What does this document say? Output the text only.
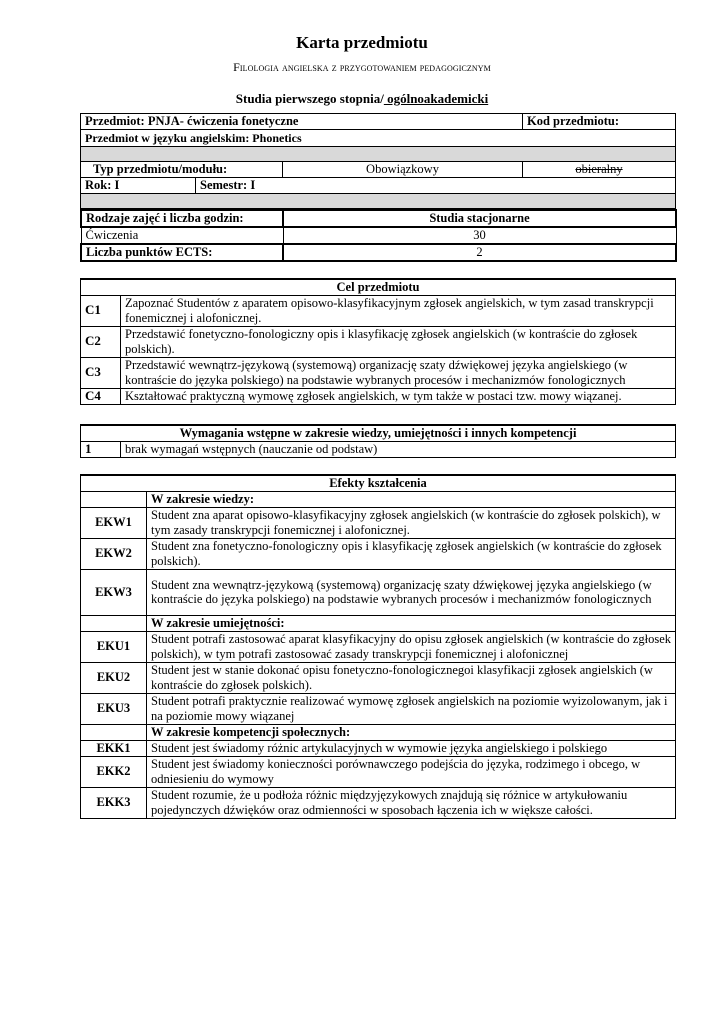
Karta przedmiotu
Filologia angielska z przygotowaniem pedagogicznym
Studia pierwszego stopnia/ ogólnoakademicki
Przedmiot: PNJA- ćwiczenia fonetyczne			Kod przedmiotu:
Przedmiot w języku angielskim: Phonetics			

Typ przedmiotu/modułu:		Obowiązkowy	obieralny
Rok: I	Semestr: I		

Rodzaje zajęć i liczba godzin:	Studia stacjonarne
Ćwiczenia	30
Liczba punktów ECTS:	2
Cel przedmiotu	
C1	Zapoznać Studentów z aparatem opisowo-klasyfikacyjnym zgłosek angielskich, w tym zasad transkrypcji fonemicznej i alofonicznej.
C2	Przedstawić fonetyczno-fonologiczny opis i klasyfikację zgłosek angielskich (w kontraście do zgłosek polskich).
C3	Przedstawić wewnątrz-językową (systemową) organizację szaty dźwiękowej języka angielskiego (w kontraście do języka polskiego) na podstawie wybranych procesów i mechanizmów fonologicznych
C4	Kształtować praktyczną wymowę zgłosek angielskich, w tym także w postaci tzw. mowy wiązanej.
Wymagania wstępne w zakresie wiedzy, umiejętności i innych kompetencji
1	brak wymagań wstępnych (nauczanie od podstaw)
Efekty kształcenia	
	W zakresie wiedzy:
EKW1	Student zna aparat opisowo-klasyfikacyjny zgłosek angielskich (w kontraście do zgłosek polskich), w tym zasady transkrypcji fonemicznej i alofonicznej.
EKW2	Student zna fonetyczno-fonologiczny opis i klasyfikację zgłosek angielskich (w kontraście do zgłosek polskich).
EKW3	Student zna wewnątrz-językową (systemową) organizację szaty dźwiękowej języka angielskiego (w kontraście do języka polskiego) na podstawie wybranych procesów i mechanizmów fonologicznych
	W zakresie umiejętności:
EKU1	Student potrafi zastosować aparat klasyfikacyjny do opisu zgłosek angielskich (w kontraście do zgłosek polskich), w tym potrafi zastosować zasady transkrypcji fonemicznej i alofonicznej
EKU2	Student jest w stanie dokonać opisu fonetyczno-fonologicznegoi klasyfikacji zgłosek angielskich (w kontraście do zgłosek polskich).
EKU3	Student potrafi praktycznie realizować wymowę zgłosek angielskich na poziomie wyizolowanym, jak i na poziomie mowy wiązanej
	W zakresie kompetencji społecznych:
EKK1	Student jest świadomy różnic artykulacyjnych w wymowie języka angielskiego i polskiego
EKK2	Student jest świadomy konieczności porównawczego podejścia do języka, rodzimego i obcego, w odniesieniu do wymowy
EKK3	Student rozumie, że u podłoża różnic międzyjęzykowych znajdują się różnice w artykułowaniu pojedynczych dźwięków oraz odmienności w sposobach łączenia ich w większe całości.
